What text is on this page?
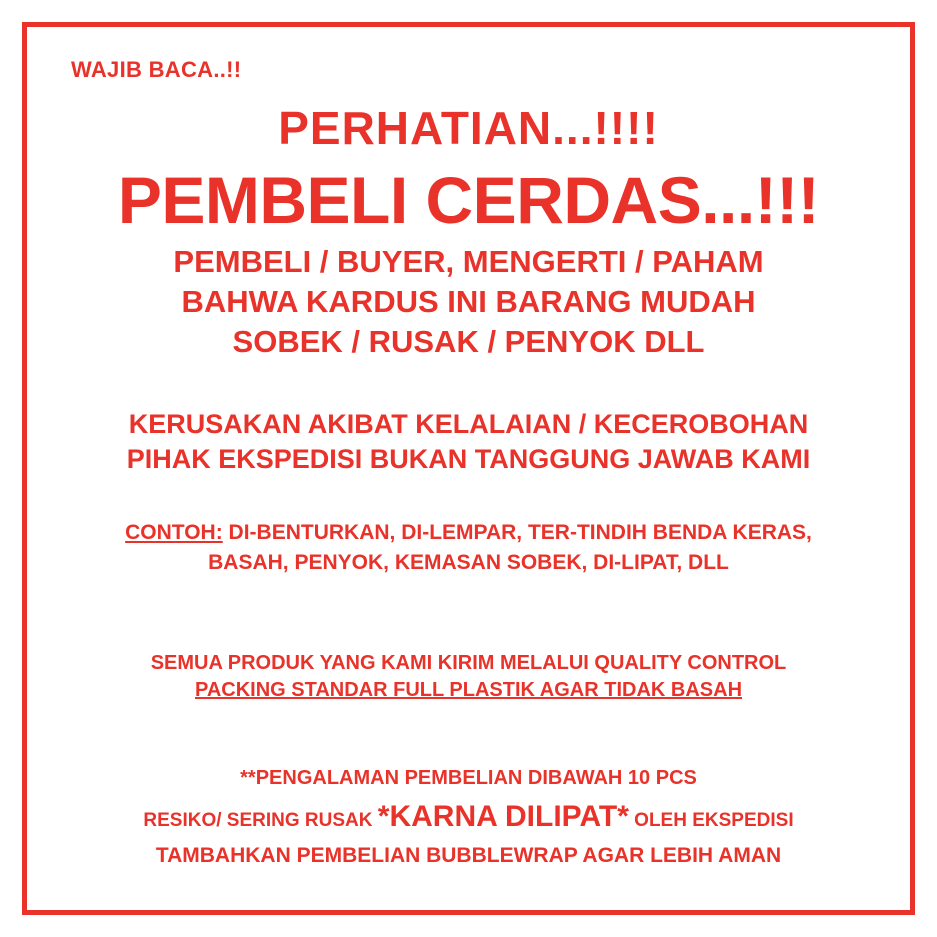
WAJIB BACA..!!
PERHATIAN...!!!!
PEMBELI CERDAS...!!!
PEMBELI / BUYER, MENGERTI / PAHAM
BAHWA KARDUS INI BARANG MUDAH
SOBEK / RUSAK / PENYOK DLL
KERUSAKAN AKIBAT KELALAIAN / KECEROBOHAN
PIHAK EKSPEDISI BUKAN TANGGUNG JAWAB KAMI
CONTOH: DI-BENTURKAN, DI-LEMPAR, TER-TINDIH BENDA KERAS,
BASAH, PENYOK, KEMASAN SOBEK, DI-LIPAT, DLL
SEMUA PRODUK YANG KAMI KIRIM MELALUI QUALITY CONTROL
PACKING STANDAR FULL PLASTIK AGAR TIDAK BASAH
**PENGALAMAN PEMBELIAN DIBAWAH 10 PCS
RESIKO/ SERING RUSAK *KARNA DILIPAT* OLEH EKSPEDISI
TAMBAHKAN PEMBELIAN BUBBLEWRAP AGAR LEBIH AMAN
